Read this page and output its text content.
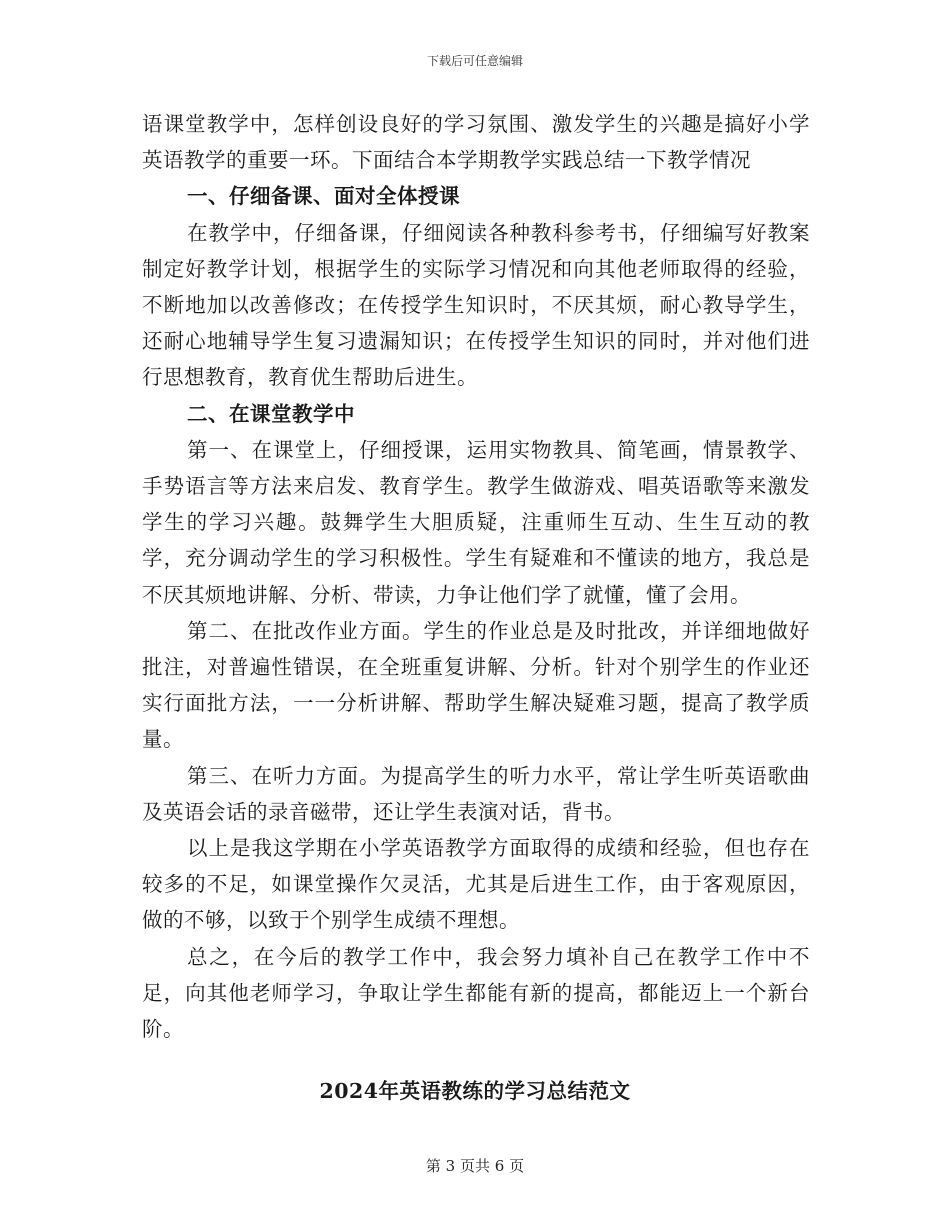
下载后可任意编辑

语课堂教学中，怎样创设良好的学习氛围、激发学生的兴趣是搞好小学英语教学的重要一环。下面结合本学期教学实践总结一下教学情况

一、仔细备课、面对全体授课

在教学中，仔细备课，仔细阅读各种教科参考书，仔细编写好教案制定好教学计划，根据学生的实际学习情况和向其他老师取得的经验，不断地加以改善修改；在传授学生知识时，不厌其烦，耐心教导学生，还耐心地辅导学生复习遗漏知识；在传授学生知识的同时，并对他们进行思想教育，教育优生帮助后进生。

二、在课堂教学中

第一、在课堂上，仔细授课，运用实物教具、简笔画，情景教学、手势语言等方法来启发、教育学生。教学生做游戏、唱英语歌等来激发学生的学习兴趣。鼓舞学生大胆质疑，注重师生互动、生生互动的教学，充分调动学生的学习积极性。学生有疑难和不懂读的地方，我总是不厌其烦地讲解、分析、带读，力争让他们学了就懂，懂了会用。

第二、在批改作业方面。学生的作业总是及时批改，并详细地做好批注，对普遍性错误，在全班重复讲解、分析。针对个别学生的作业还实行面批方法，一一分析讲解、帮助学生解决疑难习题，提高了教学质量。

第三、在听力方面。为提高学生的听力水平，常让学生听英语歌曲及英语会话的录音磁带，还让学生表演对话，背书。

以上是我这学期在小学英语教学方面取得的成绩和经验，但也存在较多的不足，如课堂操作欠灵活，尤其是后进生工作，由于客观原因，做的不够，以致于个别学生成绩不理想。

总之，在今后的教学工作中，我会努力填补自己在教学工作中不足，向其他老师学习，争取让学生都能有新的提高，都能迈上一个新台阶。

2024年英语教练的学习总结范文
第 3 页共 6 页
